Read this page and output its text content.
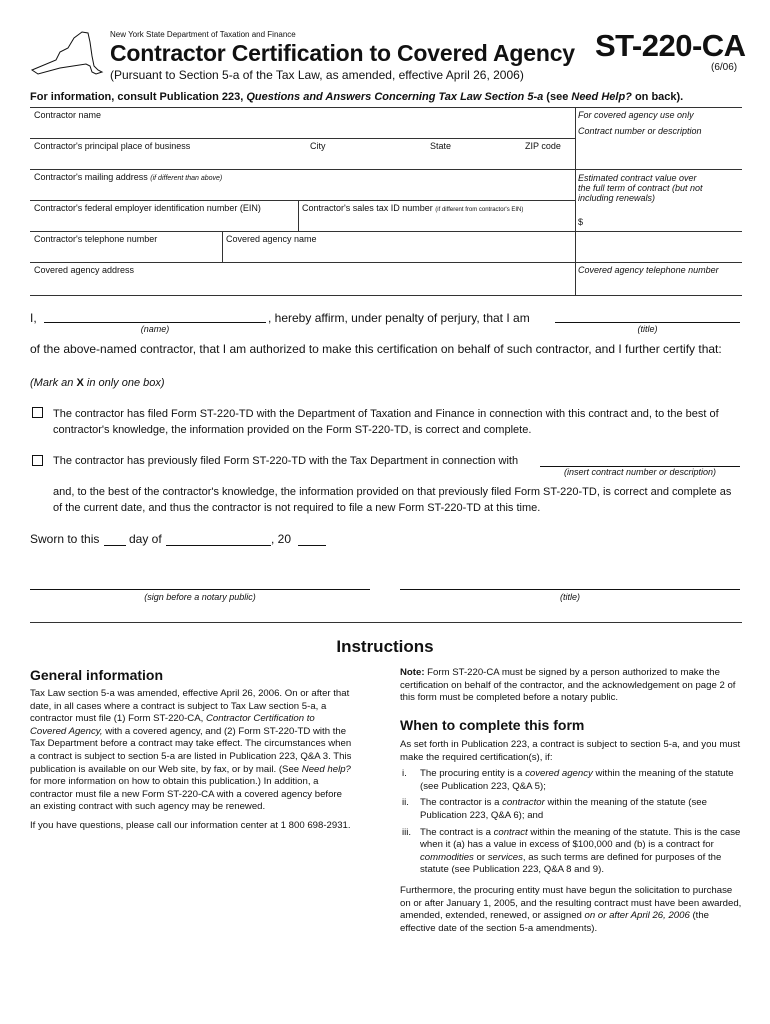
New York State Department of Taxation and Finance
Contractor Certification to Covered Agency
(Pursuant to Section 5-a of the Tax Law, as amended, effective April 26, 2006)
ST-220-CA
(6/06)
For information, consult Publication 223, Questions and Answers Concerning Tax Law Section 5-a (see Need Help? on back).
Contractor name	For covered agency use only
Contract number or description
Contractor's principal place of business	City	State	ZIP code
Contractor's mailing address (if different than above)	Estimated contract value over
the full term of contract (but not
including renewals)
Contractor's federal employer identification number (EIN)	Contractor's sales tax ID number (if different from contractor's EIN)
$
Contractor's telephone number	Covered agency name
Covered agency address	Covered agency telephone number
I,
(name)
, hereby affirm, under penalty of perjury, that I am
(title)
of the above-named contractor, that I am authorized to make this certification on behalf of such contractor, and I further certify that:
(Mark an X in only one box)
The contractor has filed Form ST-220-TD with the Department of Taxation and Finance in connection with this contract and, to the best of contractor's knowledge, the information provided on the Form ST-220-TD, is correct and complete.
The contractor has previously filed Form ST-220-TD with the Tax Department in connection with
(insert contract number or description)
and, to the best of the contractor's knowledge, the information provided on that previously filed Form ST-220-TD, is correct and complete as of the current date, and thus the contractor is not required to file a new Form ST-220-TD at this time.
Sworn to this day of	, 20
(sign before a notary public)	(title)
Instructions
General information
Tax Law section 5-a was amended, effective April 26, 2006. On or after that date, in all cases where a contract is subject to Tax Law section 5-a, a contractor must file (1) Form ST-220-CA, Contractor Certification to Covered Agency, with a covered agency, and (2) Form ST-220-TD with the Tax Department before a contract may take effect. The circumstances when a contract is subject to section 5-a are listed in Publication 223, Q&A 3. This publication is available on our Web site, by fax, or by mail. (See Need help? for more information on how to obtain this publication.) In addition, a contractor must file a new Form ST-220-CA with a covered agency before an existing contract with such agency may be renewed.
If you have questions, please call our information center at 1 800 698-2931.
Note: Form ST-220-CA must be signed by a person authorized to make the certification on behalf of the contractor, and the acknowledgement on page 2 of this form must be completed before a notary public.
When to complete this form
As set forth in Publication 223, a contract is subject to section 5-a, and you must make the required certification(s), if:
i. The procuring entity is a covered agency within the meaning of the statute (see Publication 223, Q&A 5);
ii. The contractor is a contractor within the meaning of the statute (see Publication 223, Q&A 6); and
iii. The contract is a contract within the meaning of the statute. This is the case when it (a) has a value in excess of $100,000 and (b) is a contract for commodities or services, as such terms are defined for purposes of the statute (see Publication 223, Q&A 8 and 9).
Furthermore, the procuring entity must have begun the solicitation to purchase on or after January 1, 2005, and the resulting contract must have been awarded, amended, extended, renewed, or assigned on or after April 26, 2006 (the effective date of the section 5-a amendments).
